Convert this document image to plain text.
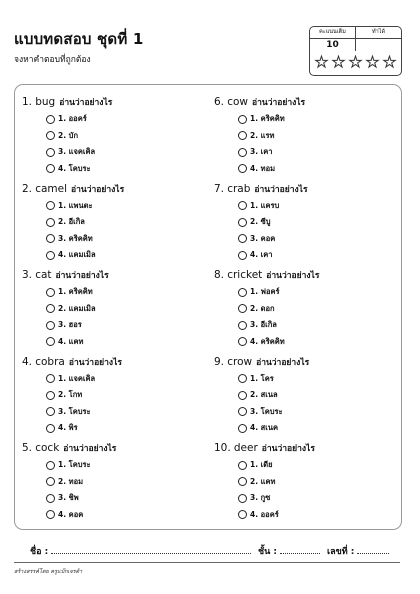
แบบทดสอบ ชุดที่ 1
จงหาคำตอบที่ถูกต้อง
คะแนนเต็ม	ทำได้
10
★ ★ ★ ★ ★
1. bug อ่านว่าอย่างไร
1. ออคร์
2. บัก
3. แจคเคิล
4. โคบระ
2. camel อ่านว่าอย่างไร
1. แพนตะ
2. อีเกิล
3. คริคคิท
4. แคมเมิล
3. cat อ่านว่าอย่างไร
1. คริคคิท
2. แคมเมิล
3. ฮอร
4. แคท
4. cobra อ่านว่าอย่างไร
1. แจคเคิล
2. โกท
3. โคบระ
4. พิร
5. cock อ่านว่าอย่างไร
1. โคบระ
2. ทอม
3. ชิพ
4. คอค
6. cow อ่านว่าอย่างไร
1. คริคคิท
2. แรท
3. เคา
4. ทอม
7. crab อ่านว่าอย่างไร
1. แครบ
2. ซีบู
3. คอค
4. เคา
8. cricket อ่านว่าอย่างไร
1. ฟอคร์
2. ดอก
3. อีเกิล
4. คริคคิท
9. crow อ่านว่าอย่างไร
1. โคร
2. สเนล
3. โคบระ
4. สเนค
10. deer อ่านว่าอย่างไร
1. เดีย
2. แคท
3. กูซ
4. ออคร์
ชื่อ :	ชั้น :	เลขที่ :
สร้างสรรค์โดย ครูแบ๊กเจรต้า
